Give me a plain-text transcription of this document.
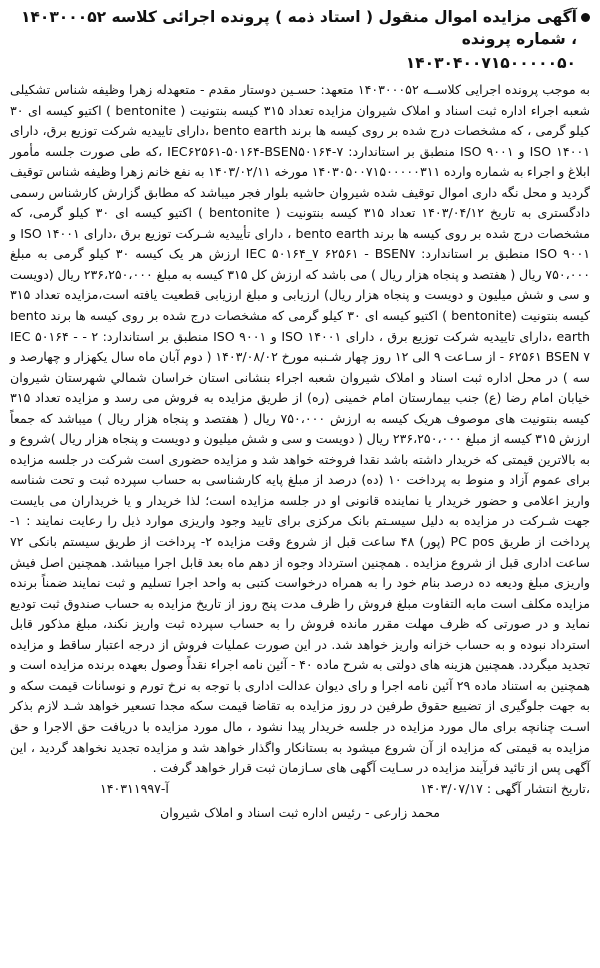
آگهی مزایده اموال منقول ( استاد ذمه ) پرونده اجرائی کلاسه ۱۴۰۳۰۰۰۵۲ ، شماره پرونده
۱۴۰۳۰۴۰۰۷۱۵۰۰۰۰۰۵۰
به موجب پرونده اجرایی کلاســه ۱۴۰۳۰۰۰۵۲ متعهد: حسـین دوستار مقدم - متعهدله زهرا وظیفه شناس تشکیلی شعبه اجراء اداره ثبت اسناد و املاک شیروان مزایده تعداد ۳۱۵ کیسه بنتونیت ( bentonite ) اکتیو کیسه ای ۳۰ کیلو گرمی ، که مشخصات درج شده بر روی کیسه ها برند bento earth ،دارای تاییدیه شرکت توزیع برق، دارای ISO ۱۴۰۰۱ و ISO ۹۰۰۱ منطبق بر استاندارد: IEC۶۲۵۶۱-۵۰۱۶۴-BSEN۵۰۱۶۴-۷ ،که طی صورت جلسه مأمور ابلاغ و اجراء به شماره وارده ۱۴۰۳۰۵۰۰۷۱۵۰۰۰۰۰۳۱۱ مورخه ۱۴۰۳/۰۲/۱۱ به نفع خانم زهرا وظیفه شناس توقیف گردید و محل نگه داری اموال توقیف شده شیروان حاشیه بلوار فجر میباشد که مطابق گزارش کارشناس رسمی دادگستری به تاریخ ۱۴۰۳/۰۴/۱۲ تعداد ۳۱۵ کیسه بنتونیت ( bentonite ) اکتیو کیسه ای ۳۰ کیلو گرمی، که مشخصات درج شده بر روی کیسه ها برند bento earth ، دارای تأییدیه شـرکت توزیع برق ،دارای ISO ۱۴۰۰۱ و ISO ۹۰۰۱ منطبق بر استاندارد: IEC ۵۰۱۶۴_۷ ۶۲۵۶۱ - BSEN۷ ارزش هر یک کیسه ۳۰ کیلو گرمی به مبلغ ۷۵۰،۰۰۰ ریال ( هفتصد و پنجاه هزار ریال ) می باشد که ارزش کل ۳۱۵ کیسه به مبلغ ۲۳۶،۲۵۰،۰۰۰ ریال (دویست و سی و شش میلیون و دویست و پنجاه هزار ریال) ارزیابی و مبلغ ارزیابی قطعیت یافته است،مزایده تعداد ۳۱۵ کیسه بنتونیت (bentonite ) اکتیو کیسه ای ۳۰ کیلو گرمی که مشخصات درج شده بر روی کیسه ها برند bento earth ،دارای تاییدیه شرکت توزیع برق ، دارای ISO ۱۴۰۰۱ و ISO ۹۰۰۱ منطبق بر استاندارد: ۲ - IEC ۵۰۱۶۴ - ۶۲۵۶۱ BSEN ۷ - از سـاعت ۹ الی ۱۲ روز چهار شـنبه مورخ ۱۴۰۳/۰۸/۰۲ ( دوم آبان ماه سال یکهزار و چهارصد و سه ) در محل اداره ثبت اسناد و املاک شیروان شعبه اجراء بنشانی استان خراسان شمالي شهرستان شيروان خيابان امام رضا (ع) جنب بیمارستان امام خمینی (ره) از طریق مزایده به فروش می رسد و مزایده تعداد ۳۱۵ کیسه بنتونیت های موصوف هریک کیسه به ارزش ۷۵۰،۰۰۰ ریال ( هفتصد و پنجاه هزار ریال ) میباشد که جمعاً ارزش ۳۱۵ کیسه از مبلغ ۲۳۶،۲۵۰،۰۰۰ ریال ( دویست و سی و شش میلیون و دویست و پنجاه هزار ریال )شروع و به بالاترین قیمتی که خریدار داشته باشد نقدا فروخته خواهد شد و مزایده حضوری است شرکت در جلسه مزایده برای عموم آزاد و منوط به پرداخت ۱۰ (ده) درصد از مبلغ پایه کارشناسی به حساب سپرده ثبت و تحت شناسه واریز اعلامی و حضور خریدار یا نماینده قانونی او در جلسه مزایده است؛ لذا خریدار و یا خریداران می بایست جهت شـرکت در مزایده به دلیل سیسـتم بانک مرکزی برای تایید وجود واریزی موارد ذیل را رعایت نمایند : ۱- پرداخت از طریق PC pos (پور) ۴۸ ساعت قبل از شروع وقت مزایده ۲- پرداخت از طریق سیستم بانکی ۷۲ ساعت اداری قبل از شروع مزایده . همچنین استرداد وجوه از دهم ماه بعد قابل اجرا میباشد. همچنین اصل فیش واریزی مبلغ ودیعه ده درصد بنام خود را به همراه درخواست کتبی به واحد اجرا تسلیم و ثبت نمایند ضمناً برنده مزایده مکلف است مابه التفاوت مبلغ فروش را ظرف مدت پنج روز از تاریخ مزایده به حساب صندوق ثبت تودیع نماید و در صورتی که ظرف مهلت مقرر مانده فروش را به حساب سپرده ثبت واریز نکند، مبلغ مذکور قابل استرداد نبوده و به حساب خزانه واریز خواهد شد. در این صورت عملیات فروش از درجه اعتبار ساقط و مزایده تجدید میگردد. همچنین هزینه های دولتی به شرح ماده ۴۰ - آئین نامه اجراء نقداً وصول بعهده برنده مزایده است و همچنین به استناد ماده ۲۹ آئین نامه اجرا و رای دیوان عدالت اداری با توجه به نرخ تورم و نوسانات قیمت سکه و به جهت جلوگیری از تضییع حقوق طرفین در روز مزایده به تقاضا قیمت سکه مجدا تسعیر خواهد شـد لازم بذکر اسـت چنانچه برای مال مورد مزایده در جلسه خریدار پیدا نشود ، مال مورد مزایده با دریافت حق الاجرا و حق مزایده به قیمتی که مزایده از آن شروع میشود به بستانکار واگذار خواهد شد و مزایده تجدید نخواهد گردید ، این آگهی پس از تائید فرآیند مزایده در سـایت آگهی های سـازمان ثبت قرار خواهد گرفت .
،تاریخ انتشار آگهی : ۱۴۰۳/۰۷/۱۷
آ-۱۴۰۳۱۱۹۹۷
محمد زارعی - رئیس اداره ثبت اسناد و املاک شیروان
